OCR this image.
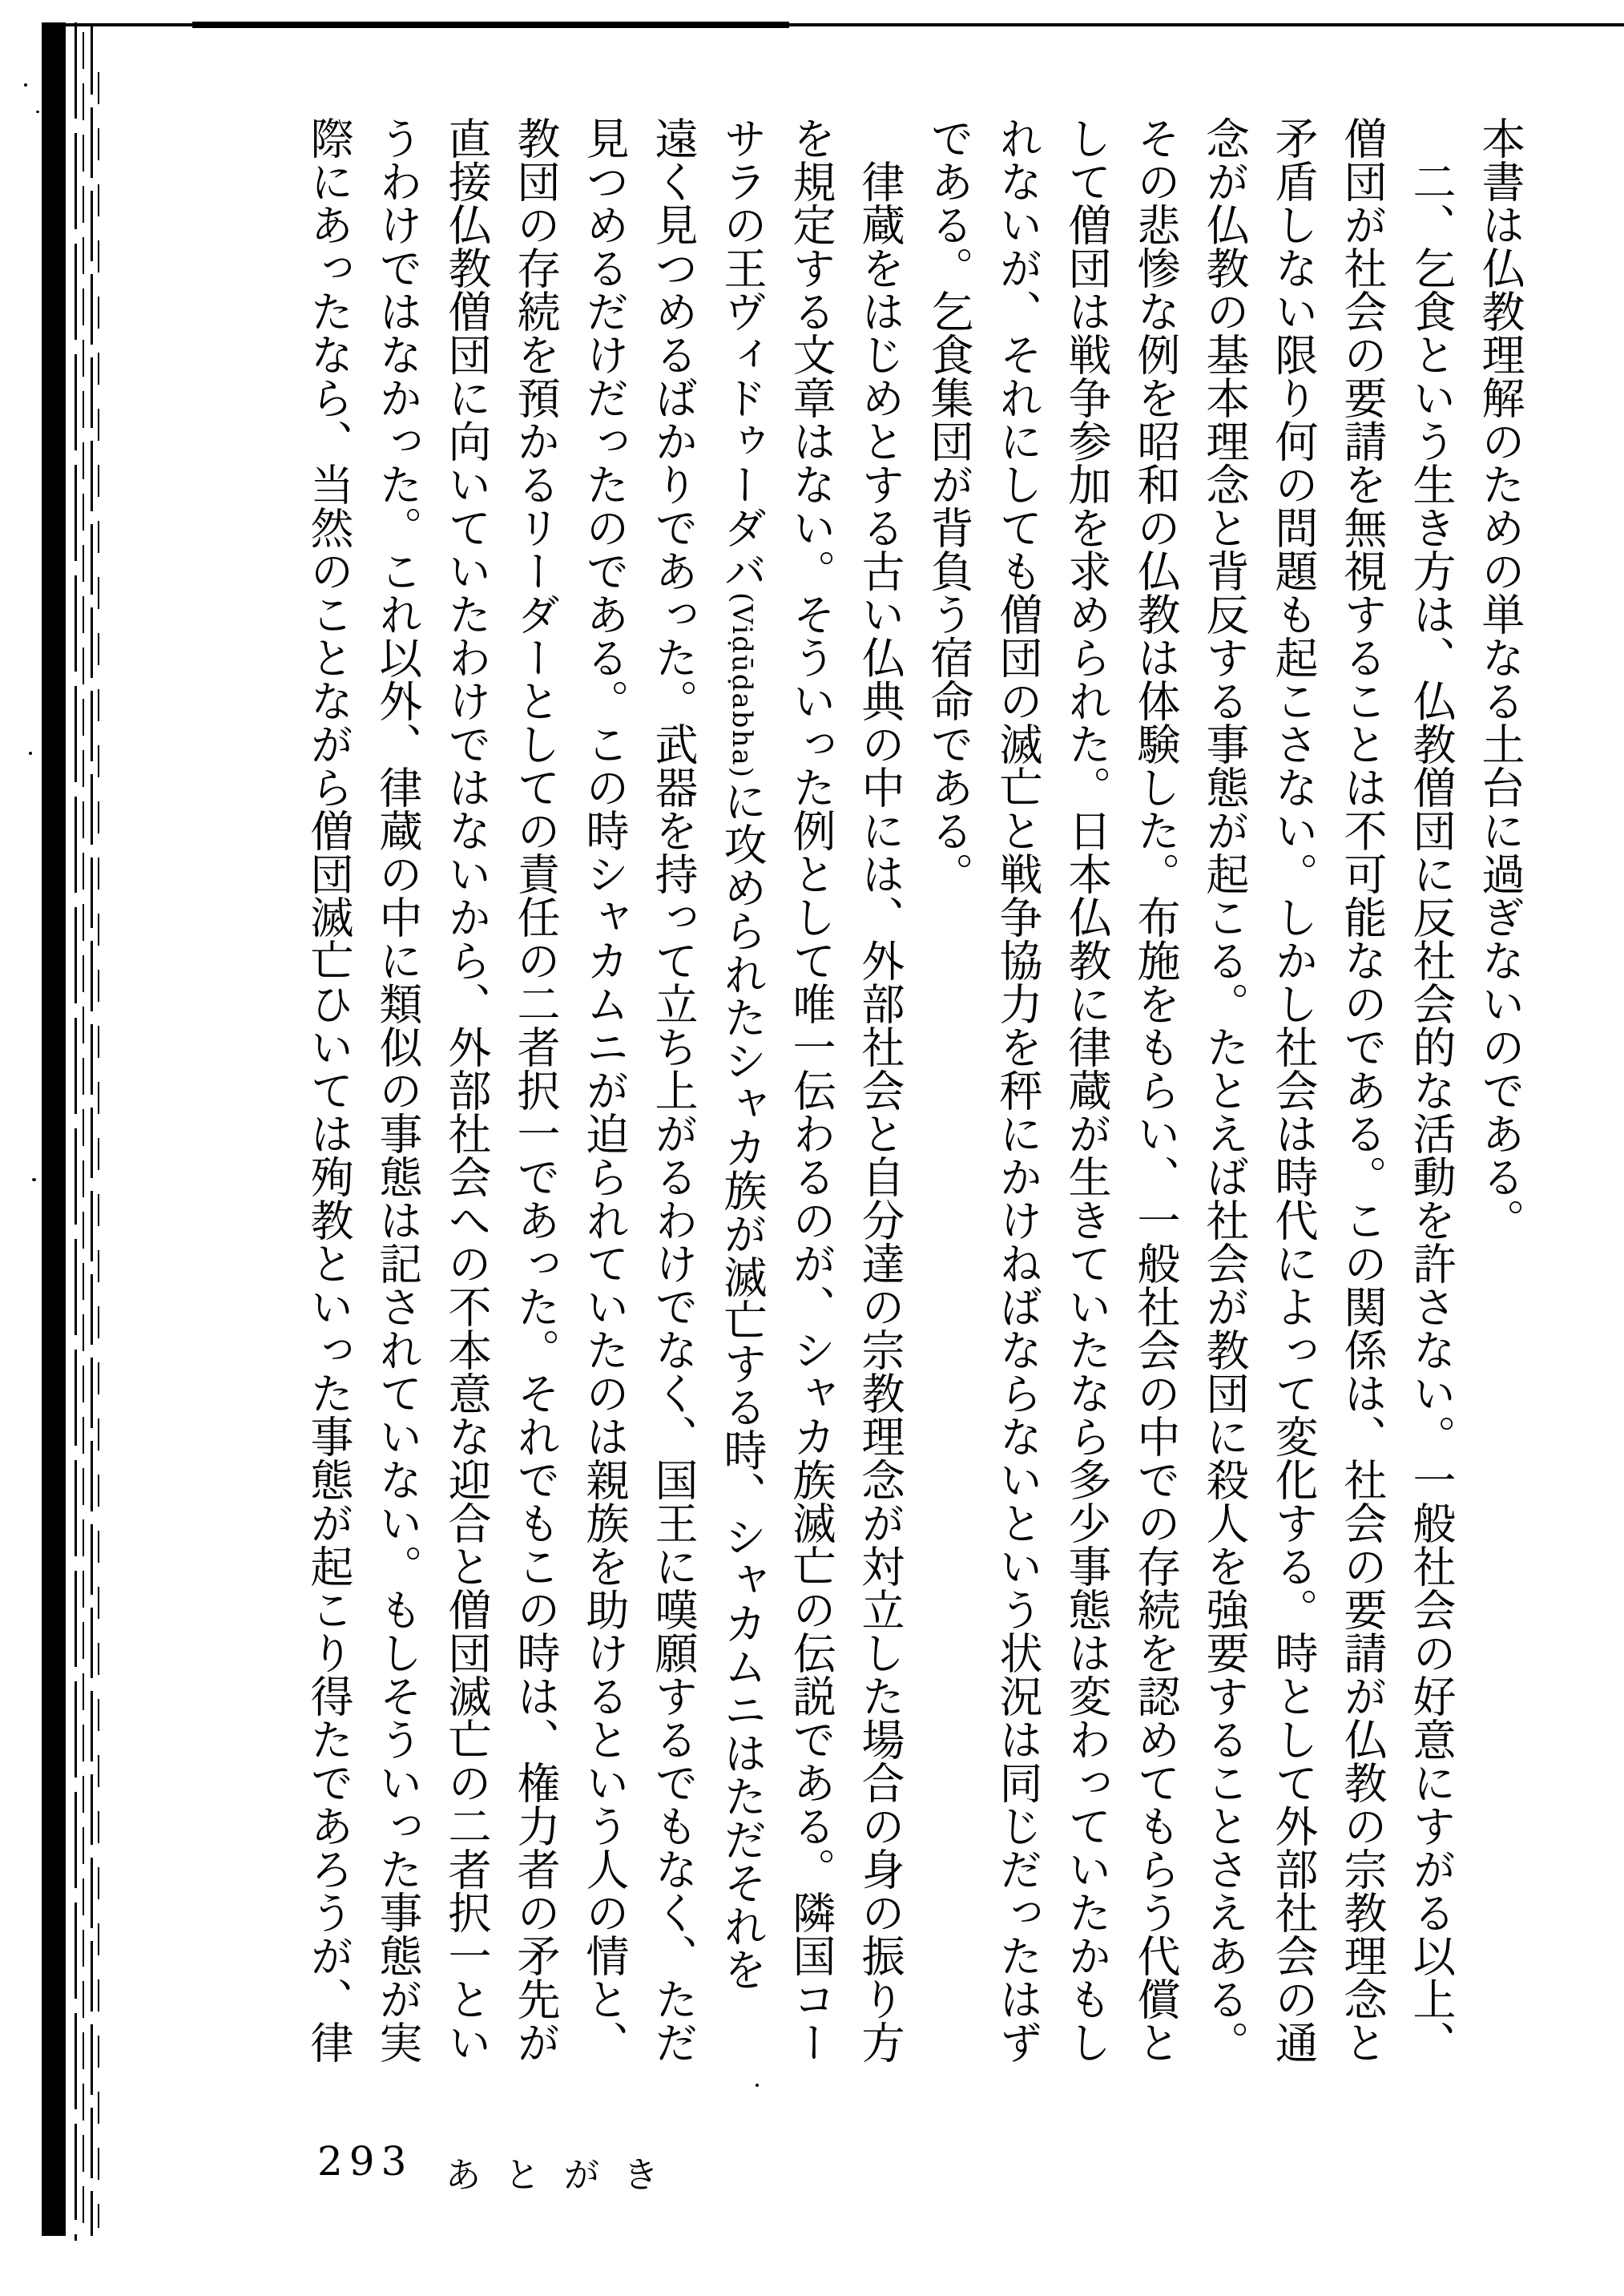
本書は仏教理解のための単なる土台に過ぎないのである。
二、乞食という生き方は、仏教僧団に反社会的な活動を許さない。一般社会の好意にすがる以上、
僧団が社会の要請を無視することは不可能なのである。この関係は、社会の要請が仏教の宗教理念と
矛盾しない限り何の問題も起こさない。しかし社会は時代によって変化する。時として外部社会の通
念が仏教の基本理念と背反する事態が起こる。たとえば社会が教団に殺人を強要することさえある。
その悲惨な例を昭和の仏教は体験した。布施をもらい、一般社会の中での存続を認めてもらう代償と
して僧団は戦争参加を求められた。日本仏教に律蔵が生きていたなら多少事態は変わっていたかもし
れないが、それにしても僧団の滅亡と戦争協力を秤にかけねばならないという状況は同じだったはず
である。乞食集団が背負う宿命である。
律蔵をはじめとする古い仏典の中には、外部社会と自分達の宗教理念が対立した場合の身の振り方
を規定する文章はない。そういった例として唯一伝わるのが、シャカ族滅亡の伝説である。隣国コー
サラの王ヴィドゥーダバ(Viḍūḍabha)に攻められたシャカ族が滅亡する時、シャカムニはただそれを
遠く見つめるばかりであった。武器を持って立ち上がるわけでなく、国王に嘆願するでもなく、ただ
見つめるだけだったのである。この時シャカムニが迫られていたのは親族を助けるという人の情と、
教団の存続を預かるリーダーとしての責任の二者択一であった。それでもこの時は、権力者の矛先が
直接仏教僧団に向いていたわけではないから、外部社会への不本意な迎合と僧団滅亡の二者択一とい
うわけではなかった。これ以外、律蔵の中に類似の事態は記されていない。もしそういった事態が実
際にあったなら、当然のことながら僧団滅亡ひいては殉教といった事態が起こり得たであろうが、律
293 あとがき
